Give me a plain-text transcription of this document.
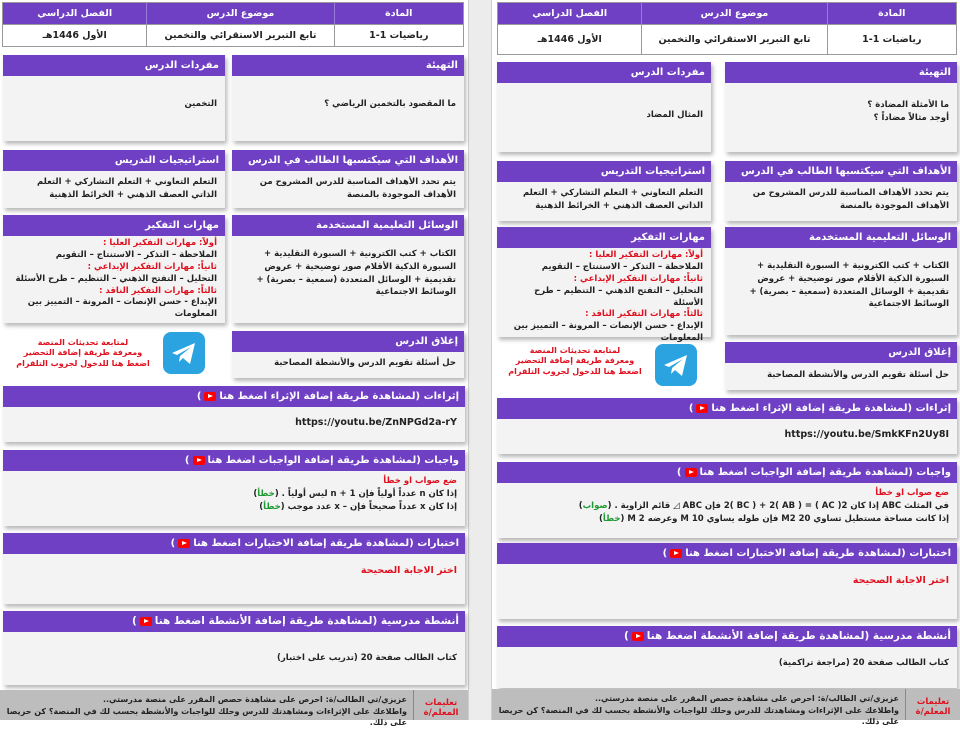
المادة
موضوع الدرس
الفصل الدراسي
رياضيات 1-1
تابع التبرير الاستقرائي والتخمين
الأول 1446هـ
التهيئة
ما المقصود بالتخمين الرياضي ؟
مفردات الدرس
التخمين
الأهداف التي سيكتسبها الطالب في الدرس
يتم تحدد الأهداف المناسبة للدرس المشروح من الأهداف الموجودة بالمنصة
استراتيجيات التدريس
التعلم التعاوني + التعلم التشاركي + التعلم الذاتي العصف الذهني + الخرائط الذهنية
الوسائل التعليمية المستخدمة
الكتاب + كتب الكترونية + السبورة التقليدية + السبورة الذكية الأقلام صور توضيحية + عروض تقديمية + الوسائل المتعددة (سمعية – بصرية) + الوسائط الاجتماعية
مهارات التفكير
أولاً: مهارات التفكير العليا :
الملاحظة – التذكر – الاستنتاج – التقويم
ثانياً: مهارات التفكير الإبداعي :
التحليل – التفتح الذهني – التنظيم – طرح الأسئلة
ثالثاً: مهارات التفكير الناقد :
الإبداع - حسن الإنصات – المرونة – التمييز بين المعلومات
لمتابعة تحديثات المنصة
ومعرفة طريقة إضافة التحضير
اضغط هنا للدخول لجروب التلقرام
إغلاق الدرس
حل أسئلة تقويم الدرس والأنشطة المصاحبة
إثراءات (لمشاهدة طريقة إضافة الإثراء اضغط هنا)
https://youtu.be/ZnNPGd2a-rY
واجبات (لمشاهدة طريقة إضافة الواجبات اضغط هنا)
ضع صواب او خطأ
إذا كان n عدداً أولياً فإن 1 + n ليس أولياً . (خطأ)
إذا كان x عدداً صحيحاً فإن – x عدد موجب (خطأ)
اختبارات (لمشاهدة طريقة إضافة الاختبارات اضغط هنا)
اختر الاجابة الصحيحة
أنشطة مدرسية (لمشاهدة طريقة إضافة الأنشطة اضغط هنا)
كتاب الطالب صفحة 20 (تدريب على اختبار)
تعليمات المعلم/ة
عزيزي/تي الطالب/ة: احرص على مشاهدة حصص المقرر على منصة مدرستي..
واطلاعك على الإثراءات ومشاهدتك للدرس وحلك للواجبات والأنشطة بحسب لك في المنصة؟ كن حريصا على ذلك.
المادة
موضوع الدرس
الفصل الدراسي
رياضيات 1-1
تابع التبرير الاستقرائي والتخمين
الأول 1446هـ
التهيئة
ما الأمثلة المضادة ؟
أوجد مثالاً مضاداً ؟
مفردات الدرس
المثال المضاد
الأهداف التي سيكتسبها الطالب في الدرس
يتم تحدد الأهداف المناسبة للدرس المشروح من الأهداف الموجودة بالمنصة
استراتيجيات التدريس
التعلم التعاوني + التعلم التشاركي + التعلم الذاتي العصف الذهني + الخرائط الذهنية
الوسائل التعليمية المستخدمة
الكتاب + كتب الكترونية + السبورة التقليدية + السبورة الذكية الأقلام صور توضيحية + عروض تقديمية + الوسائل المتعددة (سمعية – بصرية) + الوسائط الاجتماعية
مهارات التفكير
أولاً: مهارات التفكير العليا :
الملاحظة – التذكر – الاستنتاج – التقويم
ثانياً: مهارات التفكير الإبداعي :
التحليل – التفتح الذهني – التنظيم – طرح الأسئلة
ثالثاً: مهارات التفكير الناقد :
الإبداع - حسن الإنصات – المرونة – التمييز بين المعلومات
لمتابعة تحديثات المنصة
ومعرفة طريقة إضافة التحضير
اضغط هنا للدخول لجروب التلقرام
إغلاق الدرس
حل أسئلة تقويم الدرس والأنشطة المصاحبة
إثراءات (لمشاهدة طريقة إضافة الإثراء اضغط هنا)
https://youtu.be/SmkKFn2Uy8I
واجبات (لمشاهدة طريقة إضافة الواجبات اضغط هنا)
ضع صواب او خطأ
في المثلث ABC إذا كان 2( AC ) = 2( BC ) + 2( AB ) فإن ABC ◿ قائم الزاوية . (صواب)
إذا كانت مساحة مستطيل تساوي M2 20 فإن طوله يساوي M 10 وعرضه M 2 (خطأ)
اختبارات (لمشاهدة طريقة إضافة الاختبارات اضغط هنا)
اختر الاجابة الصحيحة
أنشطة مدرسية (لمشاهدة طريقة إضافة الأنشطة اضغط هنا)
كتاب الطالب صفحة 20 (مراجعة تراكمية)
تعليمات المعلم/ة
عزيزي/تي الطالب/ة: احرص على مشاهدة حصص المقرر على منصة مدرستي..
واطلاعك على الإثراءات ومشاهدتك للدرس وحلك للواجبات والأنشطة بحسب لك في المنصة؟ كن حريصا على ذلك.
